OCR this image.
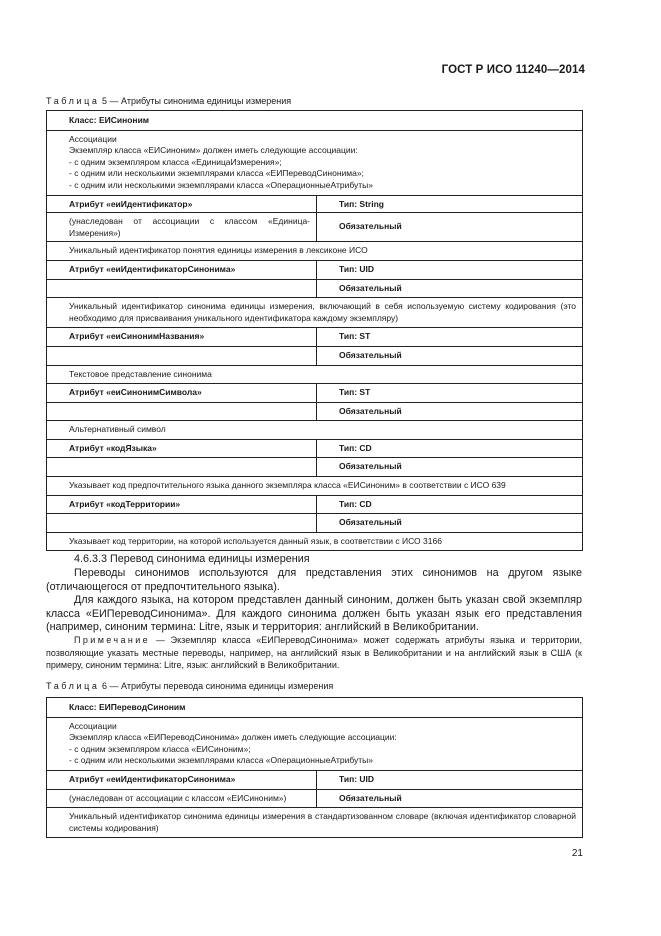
ГОСТ Р ИСО 11240—2014
Таблица 5 — Атрибуты синонима единицы измерения
Класс: ЕИСиноним	

Ассоциации
Экземпляр класса «ЕИСиноним» должен иметь следующие ассоциации:
- с одним экземпляром класса «ЕдиницаИзмерения»;
- с одним или несколькими экземплярами класса «ЕИПереводСинонима»;
- с одним или несколькими экземплярами класса «ОперационныеАтрибуты»	

Атрибут «еиИдентификатор»	Тип: String
(унаследован от ассоциации с классом «Единица-Измерения»)	Обязательный
Уникальный идентификатор понятия единицы измерения в лексиконе ИСО	
Атрибут «еиИдентификаторСинонима»	Тип: UID
	Обязательный
Уникальный идентификатор синонима единицы измерения, включающий в себя используемую систему кодирования (это необходимо для присваивания уникального идентификатора каждому экземпляру)	
Атрибут «еиСинонимНазвания»	Тип: ST
	Обязательный
Текстовое представление синонима	
Атрибут «еиСинонимСимвола»	Тип: ST
	Обязательный
Альтернативный символ	
Атрибут «кодЯзыка»	Тип: CD
	Обязательный
Указывает код предпочтительного языка данного экземпляра класса «ЕИСиноним» в соответствии с ИСО 639	
Атрибут «кодТерритории»	Тип: CD
	Обязательный
Указывает код территории, на которой используется данный язык, в соответствии с ИСО 3166	

4.6.3.3 Перевод синонима единицы измерения

Переводы синонимов используются для представления этих синонимов на другом языке (отличающегося от предпочтительного языка).

Для каждого языка, на котором представлен данный синоним, должен быть указан свой экземпляр класса «ЕИПереводСинонима». Для каждого синонима должен быть указан язык его представления (например, синоним термина: Litre, язык и территория: английский в Великобритании.

Примечание — Экземпляр класса «ЕИПереводСинонима» может содержать атрибуты языка и территории, позволяющие указать местные переводы, например, на английский язык в Великобритании и на английский язык в США (к примеру, синоним термина: Litre, язык: английский в Великобритании.

Таблица 6 — Атрибуты перевода синонима единицы измерения
Класс: ЕИПереводСиноним	

Ассоциации
Экземпляр класса «ЕИПереводСинонима» должен иметь следующие ассоциации:
- с одним экземпляром класса «ЕИСиноним»;
- с одним или несколькими экземплярами класса «ОперационныеАтрибуты»	

Атрибут «еиИдентификаторСинонима»	Тип: UID
(унаследован от ассоциации с классом «ЕИСиноним»)	Обязательный
Уникальный идентификатор синонима единицы измерения в стандартизованном словаре (включая идентификатор словарной системы кодирования)	
21
